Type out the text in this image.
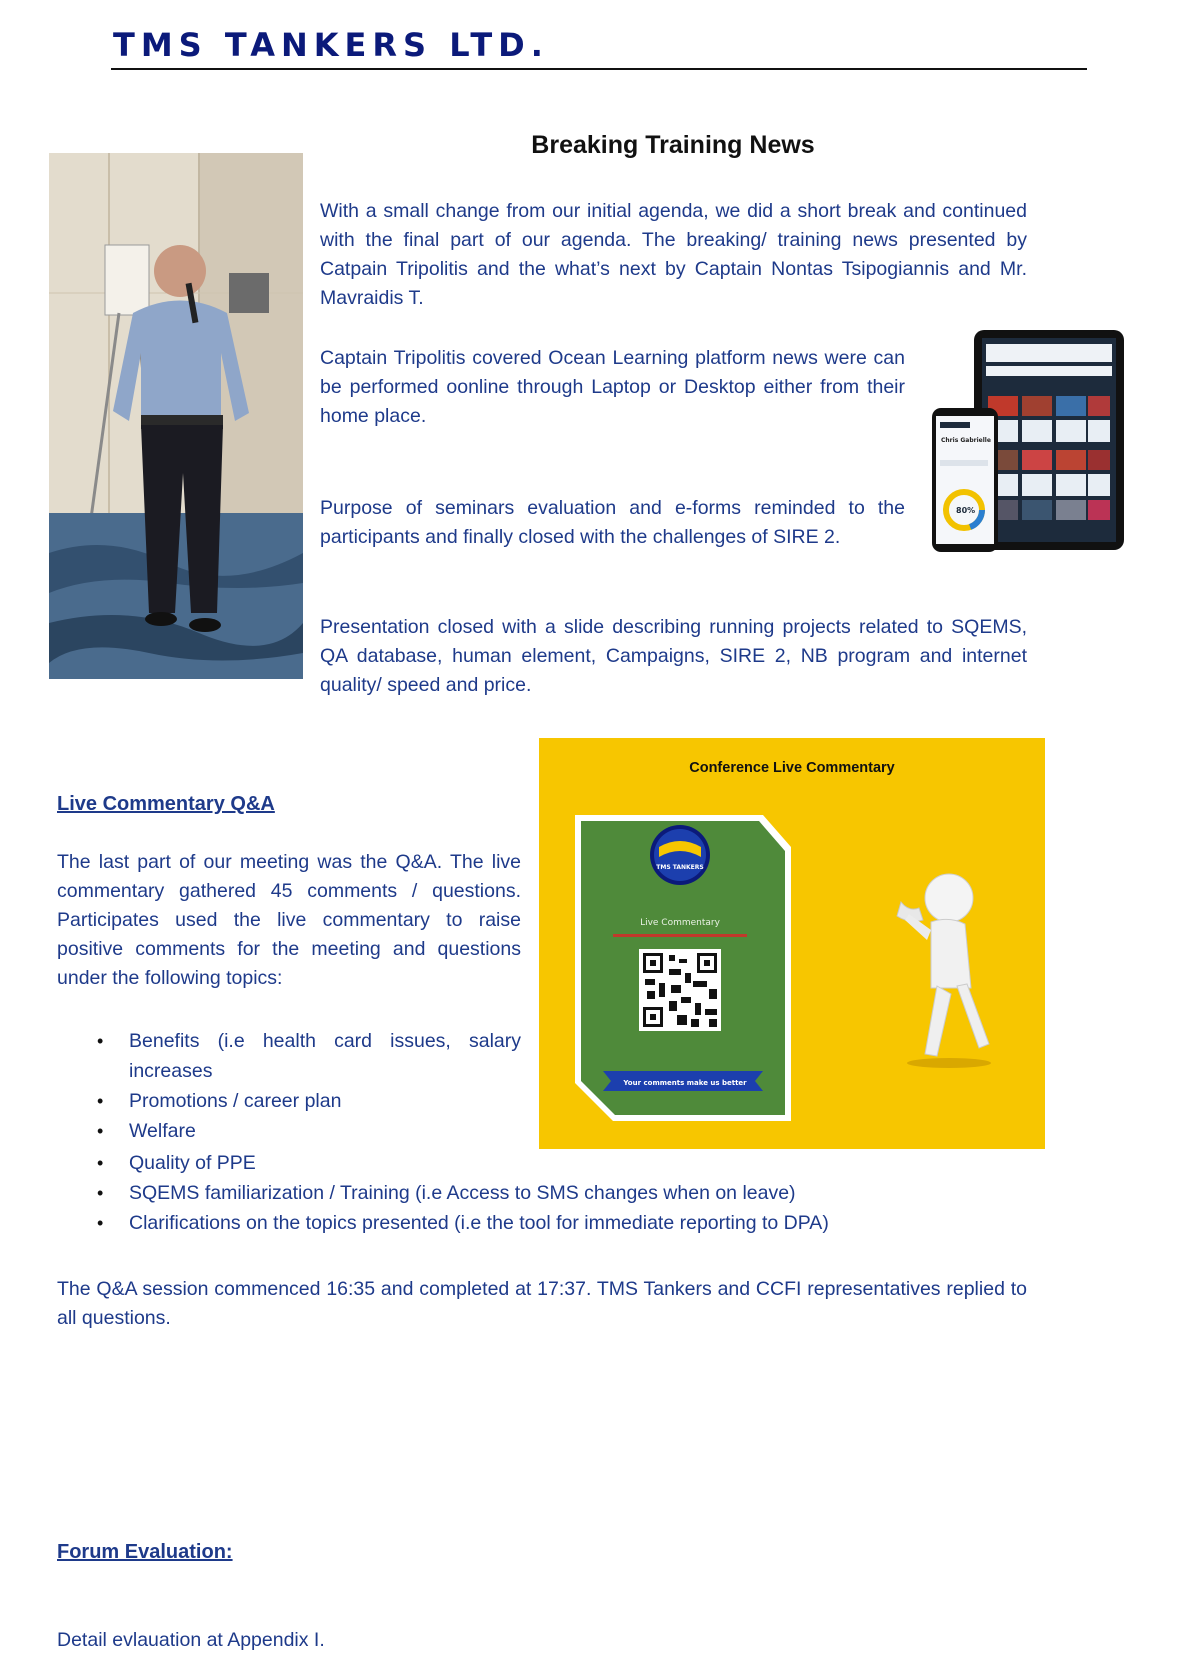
TMS TANKERS LTD.
Breaking Training News
With a small change from our initial agenda, we did a short break and continued with the final part of our agenda. The breaking/ training news presented by Catpain Tripolitis and the what’s next by Captain Nontas Tsipogiannis and Mr. Mavraidis T.
Captain Tripolitis covered Ocean Learning platform news were can be performed oonline through Laptop or Desktop either from their home place.
Purpose of seminars evaluation and e-forms reminded to the participants and finally closed with the challenges of SIRE 2.
Presentation closed with a slide describing running projects related to SQEMS, QA database, human element, Campaigns, SIRE 2, NB program and internet quality/ speed and price.
Chris Gabrielle
80%
Live Commentary Q&A
The last part of our meeting was the Q&A. The live commentary gathered 45 comments / questions. Participates used the live commentary to raise positive comments for the meeting and questions under the following topics:
Conference Live Commentary
TMS TANKERS
Live Commentary
Your comments make us better
• Benefits (i.e health card issues, salary increases
• Promotions / career plan
• Welfare
• Quality of PPE
• SQEMS familiarization / Training (i.e Access to SMS changes when on leave)
• Clarifications on the topics presented (i.e the tool for immediate reporting to DPA)
The Q&A session commenced 16:35 and completed at 17:37. TMS Tankers and CCFI representatives replied to all questions.
Forum Evaluation:
Detail evlauation at Appendix I.
